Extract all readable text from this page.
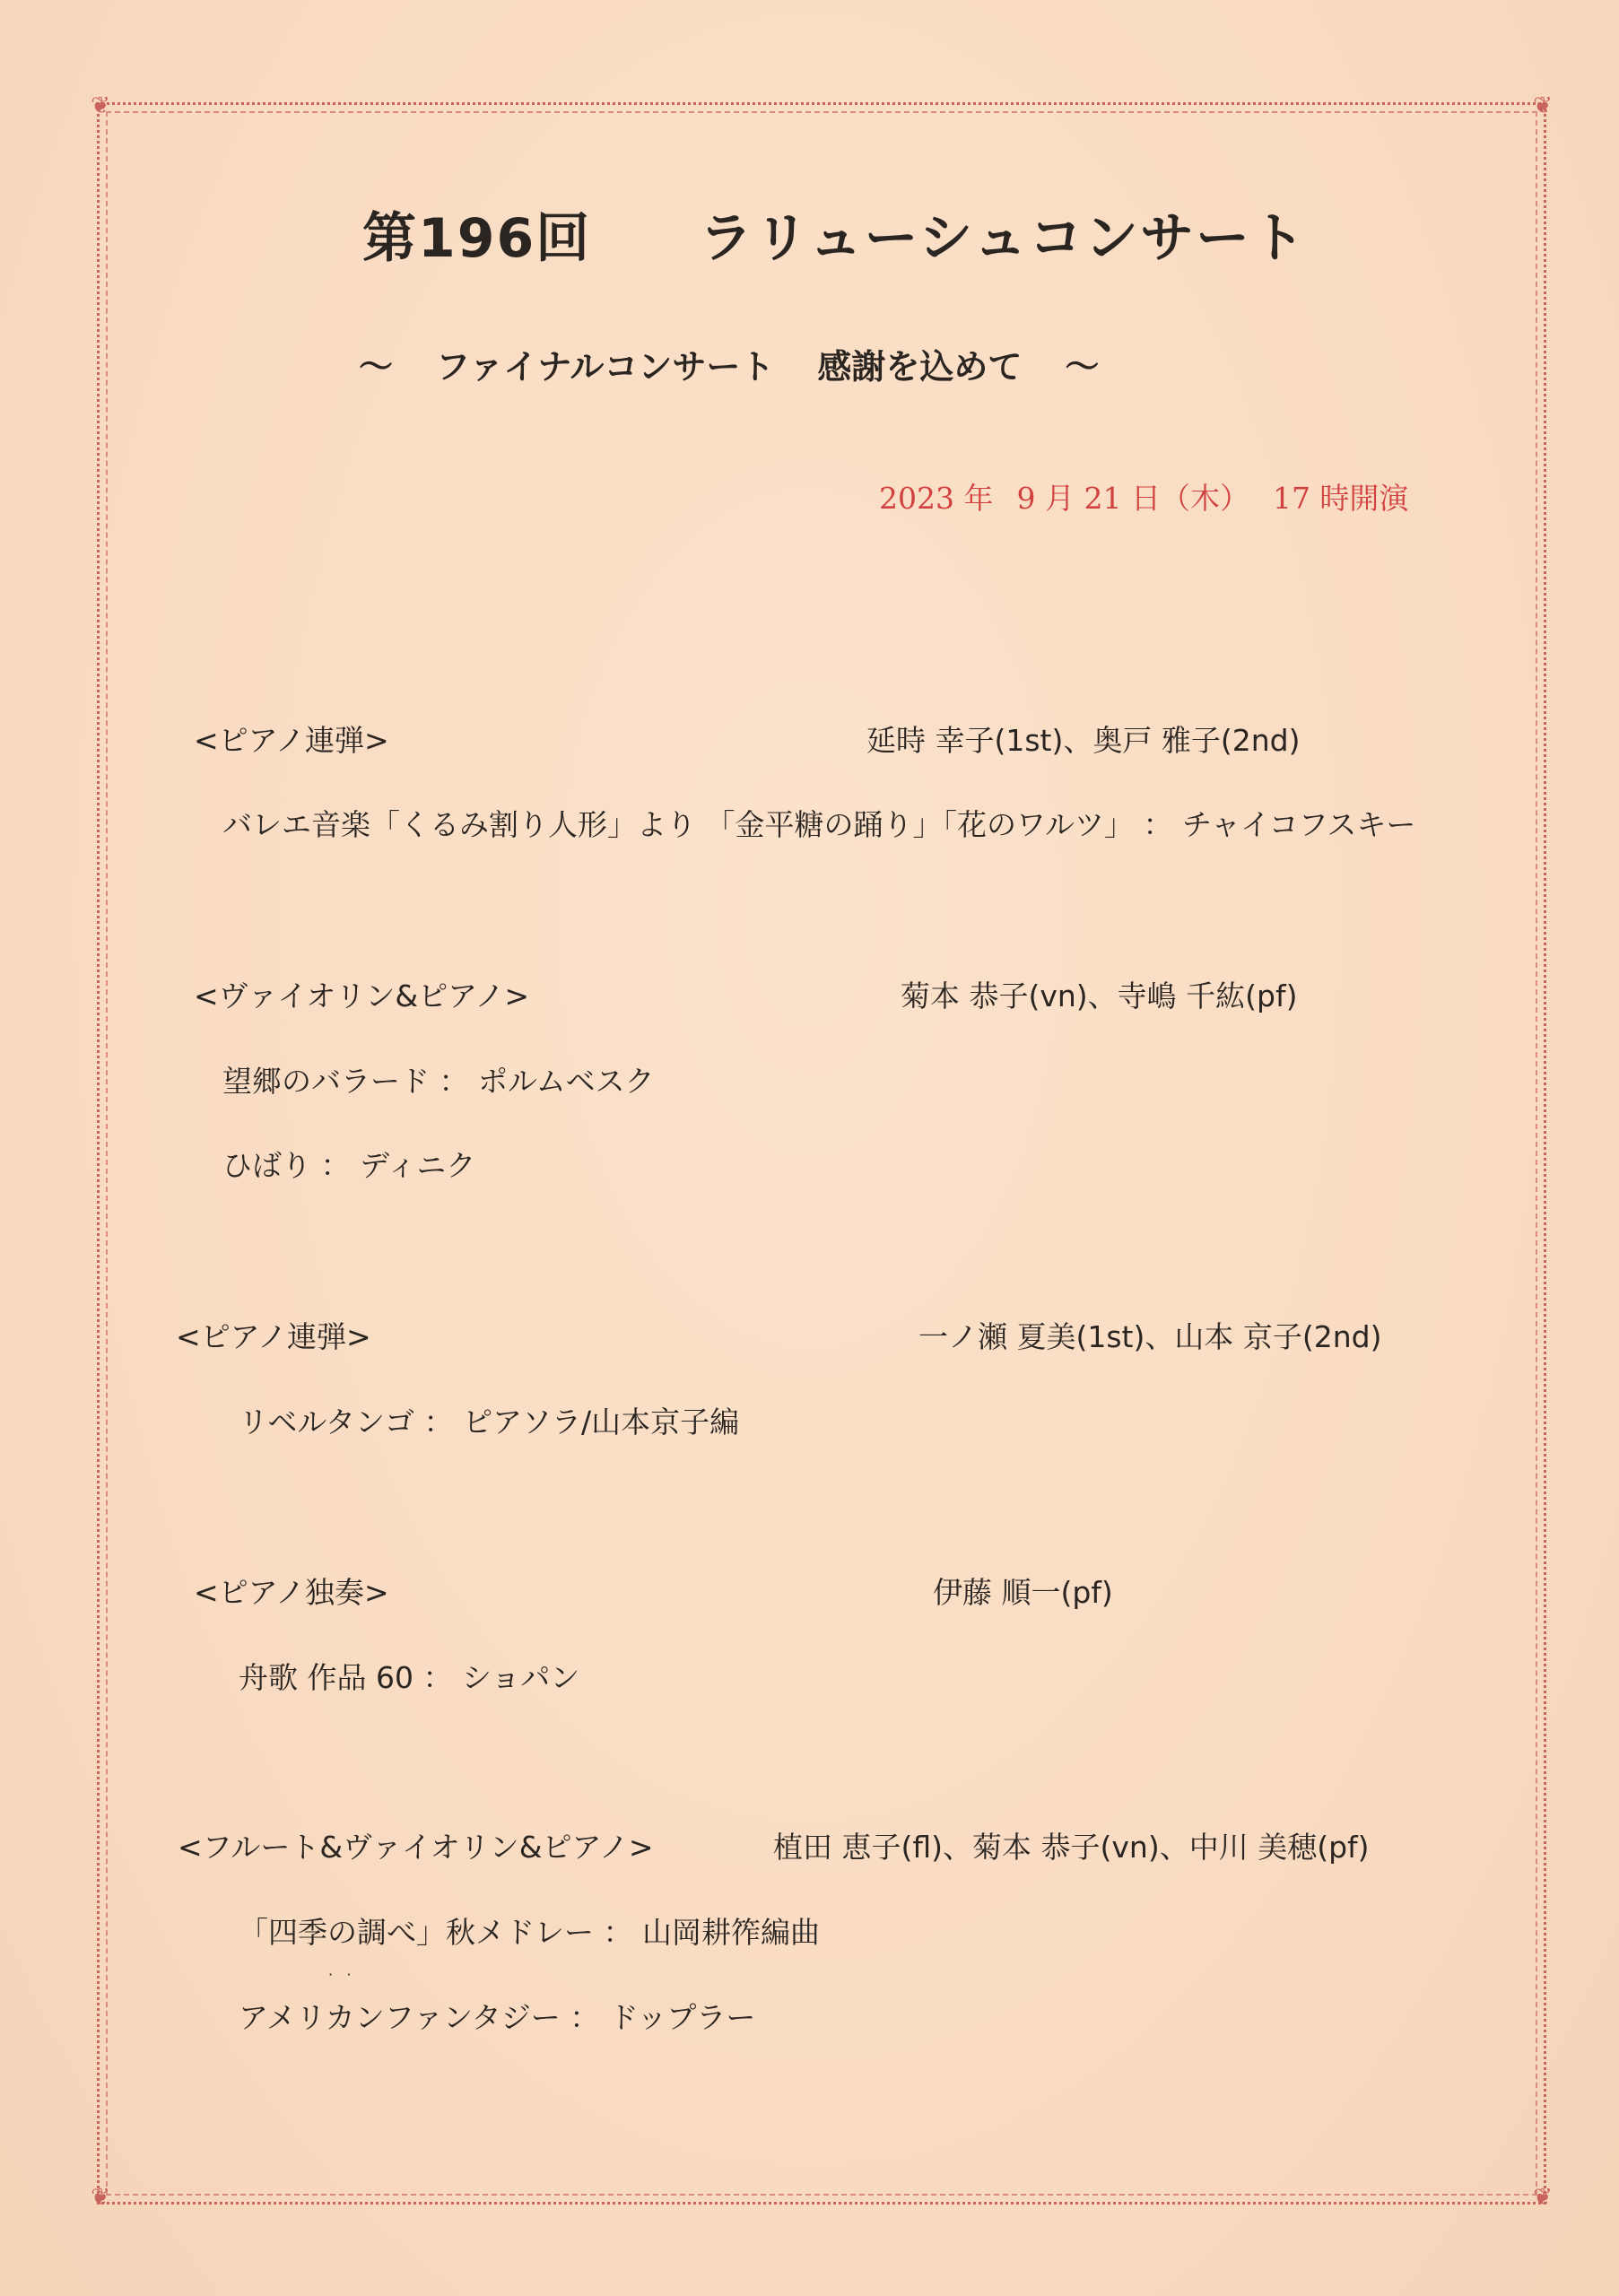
❦	❦
❦	❦
第196回 ラリューシュコンサート
〜 ファイナルコンサート 感謝を込めて 〜
2023 年 9 月 21 日（木） 17 時開演
<ピアノ連弾>	延時 幸子(1st)、奥戸 雅子(2nd)
バレエ音楽「くるみ割り人形」より 「金平糖の踊り」「花のワルツ」 ： チャイコフスキー
<ヴァイオリン&ピアノ>	菊本 恭子(vn)、寺嶋 千紘(pf)
望郷のバラード ： ポルムベスク
ひばり ： ディニク
<ピアノ連弾>	一ノ瀬 夏美(1st)、山本 京子(2nd)
リベルタンゴ ： ピアソラ/山本京子編
<ピアノ独奏>	伊藤 順一(pf)
舟歌 作品 60 ： ショパン
<フルート&ヴァイオリン&ピアノ>	植田 恵子(fl)、菊本 恭子(vn)、中川 美穂(pf)
「四季の調べ」秋メドレー ： 山岡耕筰編曲
·   ·
アメリカンファンタジー ： ドップラー
